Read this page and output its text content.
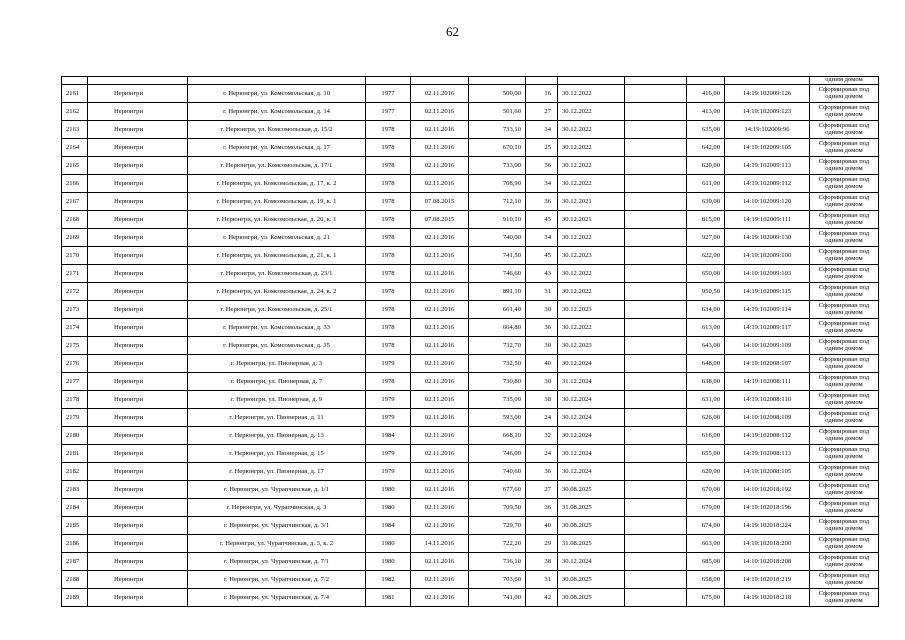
62
											одним домом
2161	Нерюнгри	г. Нерюнгри, ул. Комсомольская, д. 10	1977	02.11.2016	500,00	16	30.12.2022		416,00	14:19:102009:126	Сформирован под
одним домом

2162	Нерюнгри	г. Нерюнгри, ул. Комсомольская, д. 14	1977	02.11.2016	501,60	27	30.12.2022		413,00	14:19:102009:123	Сформирован под
одним домом

2163	Нерюнгри	г. Нерюнгри, ул. Комсомольская, д. 15/2	1978	02.11.2016	733,10	34	30.12.2022		635,00	14:19:102009:96	Сформирован под
одним домом

2164	Нерюнгри	г. Нерюнгри, ул. Комсомольская, д. 17	1978	02.11.2016	670,10	25	30.12.2022		642,00	14:19:102009:105	Сформирован под
одним домом

2165	Нерюнгри	г. Нерюнгри, ул. Комсомольская, д. 17/1	1978	02.11.2016	733,00	36	30.12.2022		620,00	14:19:102009:113	Сформирован под
одним домом

2166	Нерюнгри	г. Нерюнгри, ул. Комсомольская, д. 17, к. 2	1978	02.11.2016	708,90	34	30.12.2022		611,00	14:19:102009:112	Сформирован под
одним домом

2167	Нерюнгри	г. Нерюнгри, ул. Комсомольская, д. 19, к. 1	1978	07.08.2015	712,10	36	30.12.2021		639,00	14:19:102009:120	Сформирован под
одним домом

2168	Нерюнгри	г. Нерюнгри, ул. Комсомольская, д. 20, к. 1	1978	07.08.2015	910,10	45	30.12.2021		815,00	14:19:102009:111	Сформирован под
одним домом

2169	Нерюнгри	г. Нерюнгри, ул. Комсомольская, д. 21	1978	02.11.2016	740,00	34	30.12.2022		927,00	14:19:102009:130	Сформирован под
одним домом

2170	Нерюнгри	г. Нерюнгри, ул. Комсомольская, д. 21, к. 1	1978	02.11.2016	741,50	45	30.12.2023		622,00	14:19:102009:100	Сформирован под
одним домом

2171	Нерюнгри	г. Нерюнгри, ул. Комсомольская, д. 23/1	1978	02.11.2016	746,60	43	30.12.2022		650,00	14:19:102009:103	Сформирован под
одним домом

2172	Нерюнгри	г. Нерюнгри, ул. Комсомольская, д. 24, к. 2	1978	02.11.2016	891,10	31	30.12.2022		950,50	14:19:102009:115	Сформирован под
одним домом

2173	Нерюнгри	г. Нерюнгри, ул. Комсомольская, д. 25/1	1978	02.11.2016	661,40	30	30.12.2023		634,00	14:19:102009:114	Сформирован под
одним домом

2174	Нерюнгри	г. Нерюнгри, ул. Комсомольская, д. 33	1978	02.11.2016	664,80	36	30.12.2022		613,00	14:19:102009:117	Сформирован под
одним домом

2175	Нерюнгри	г. Нерюнгри, ул. Комсомольская, д. 35	1978	02.11.2016	732,70	30	30.12.2023		643,00	14:19:102009:109	Сформирован под
одним домом

2176	Нерюнгри	г. Нерюнгри, ул. Пионерная, д. 3	1979	02.11.2016	732,50	40	30.12.2024		648,00	14:19:102008:107	Сформирован под
одним домом

2177	Нерюнгри	г. Нерюнгри, ул. Пионерная, д. 7	1978	02.11.2016	730,80	30	31.12.2024		638,00	14:19:102008:111	Сформирован под
одним домом

2178	Нерюнгри	г. Нерюнгри, ул. Пионерная, д. 9	1979	02.11.2016	735,00	38	30.12.2024		631,00	14:19:102008:110	Сформирован под
одним домом

2179	Нерюнгри	г. Нерюнгри, ул. Пионерная, д. 11	1979	02.11.2016	593,00	24	30.12.2024		626,00	14:19:102008:109	Сформирован под
одним домом

2180	Нерюнгри	г. Нерюнгри, ул. Пионерная, д. 13	1984	02.11.2016	668,10	32	30.12.2024		616,00	14:19:102008:112	Сформирован под
одним домом

2181	Нерюнгри	г. Нерюнгри, ул. Пионерная, д. 15	1979	02.11.2016	746,00	24	30.12.2024		655,00	14:19:102008:113	Сформирован под
одним домом

2182	Нерюнгри	г. Нерюнгри, ул. Пионерная, д. 17	1979	02.11.2016	740,60	36	30.12.2024		620,00	14:19:102008:105	Сформирован под
одним домом

2183	Нерюнгри	г. Нерюнгри, ул. Чурапчинская, д. 1/1	1980	02.11.2016	677,60	27	30.08.2025		670,00	14:19:102018:192	Сформирован под
одним домом

2184	Нерюнгри	г. Нерюнгри, ул. Чурапчинская, д. 3	1980	02.11.2016	709,50	36	31.08.2025		679,00	14:19:102018:196	Сформирован под
одним домом

2185	Нерюнгри	г. Нерюнгри, ул. Чурапчинская, д. 3/1	1984	02.11.2016	729,70	40	30.08.2025		674,00	14:19:102018:224	Сформирован под
одним домом

2186	Нерюнгри	г. Нерюнгри, ул. Чурапчинская, д. 3, к. 2	1980	14.11.2016	722,20	29	31.08.2025		663,00	14:19:102018:200	Сформирован под
одним домом

2187	Нерюнгри	г. Нерюнгри, ул. Чурапчинская, д. 7/1	1980	02.11.2016	736,10	38	30.12.2024		685,00	14:19:102018:208	Сформирован под
одним домом

2188	Нерюнгри	г. Нерюнгри, ул. Чурапчинская, д. 7/2	1982	02.11.2016	703,60	31	30.08.2025		658,00	14:19:102018:219	Сформирован под
одним домом

2189	Нерюнгри	г. Нерюнгри, ул. Чурапчинская, д. 7/4	1981	02.11.2016	741,00	42	30.08.2025		675,00	14:19:102018:218	Сформирован под
одним домом
